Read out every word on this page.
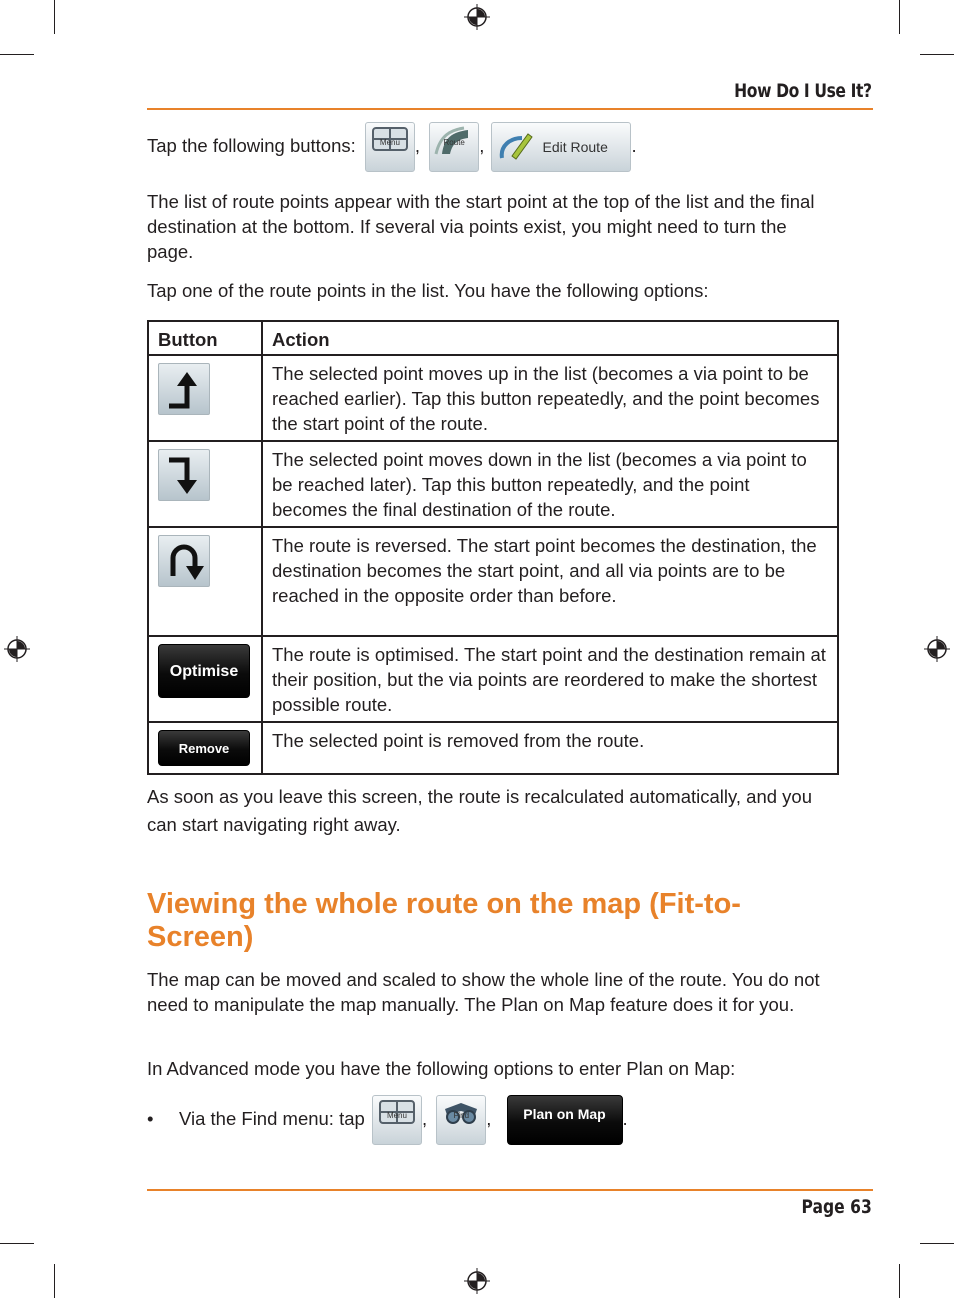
How Do I Use It?
Tap the following buttons:	Menu ,	Route ,	Edit Route .
The list of route points appear with the start point at the top of the list and the final destination at the bottom. If several via points exist, you might need to turn the page.
Tap one of the route points in the list. You have the following options:
Button	Action

	The selected point moves up in the list (becomes a via point to be reached earlier). Tap this button repeatedly, and the point becomes the start point of the route.

	The selected point moves down in the list (becomes a via point to be reached later). Tap this button repeatedly, and the point becomes the final destination of the route.

	The route is reversed. The start point becomes the destination, the destination becomes the start point, and all via points are to be reached in the opposite order than before.

Optimise	The route is optimised. The start point and the destination remain at their position, but the via points are reordered to make the shortest possible route.

Remove	The selected point is removed from the route.
As soon as you leave this screen, the route is recalculated automatically, and you can start navigating right away.
Viewing the whole route on the map (Fit-to-Screen)
The map can be moved and scaled to show the whole line of the route. You do not need to manipulate the map manually. The Plan on Map feature does it for you.
In Advanced mode you have the following options to enter Plan on Map:
• Via the Find menu: tap	Menu ,	Find , Plan on Map .
Page 63
